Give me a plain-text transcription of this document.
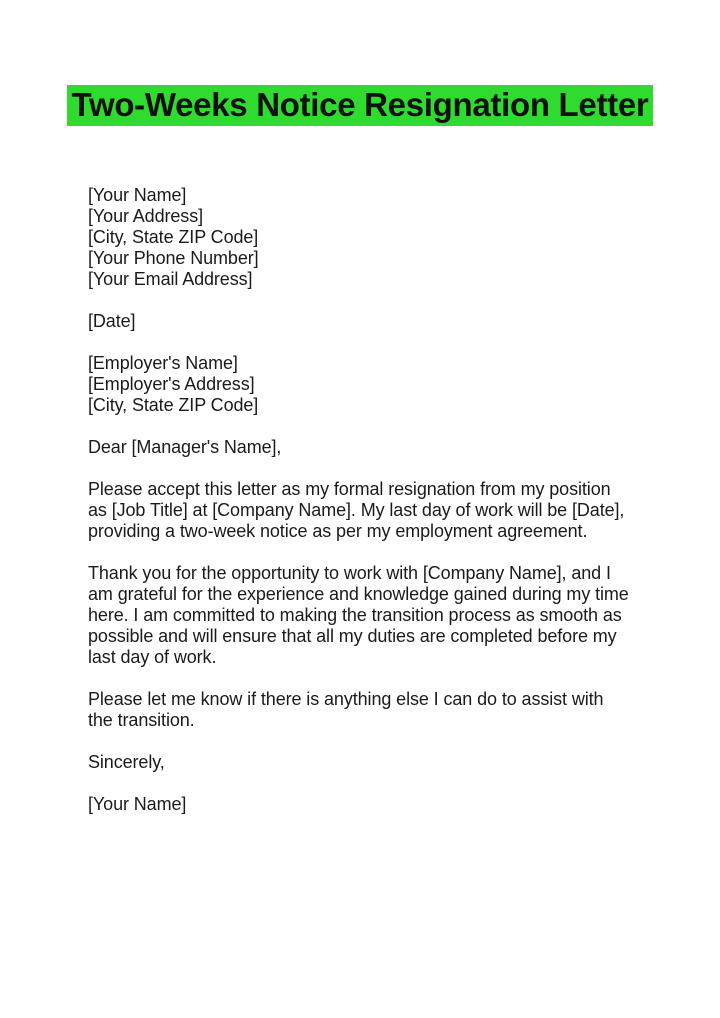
Two-Weeks Notice Resignation Letter
[Your Name]
[Your Address]
[City, State ZIP Code]
[Your Phone Number]
[Your Email Address]
[Date]
[Employer's Name]
[Employer's Address]
[City, State ZIP Code]
Dear [Manager's Name],

Please accept this letter as my formal resignation from my position as [Job Title] at [Company Name]. My last day of work will be [Date], providing a two-week notice as per my employment agreement.

Thank you for the opportunity to work with [Company Name], and I am grateful for the experience and knowledge gained during my time here. I am committed to making the transition process as smooth as possible and will ensure that all my duties are completed before my last day of work.

Please let me know if there is anything else I can do to assist with the transition.

Sincerely,
[Your Name]
